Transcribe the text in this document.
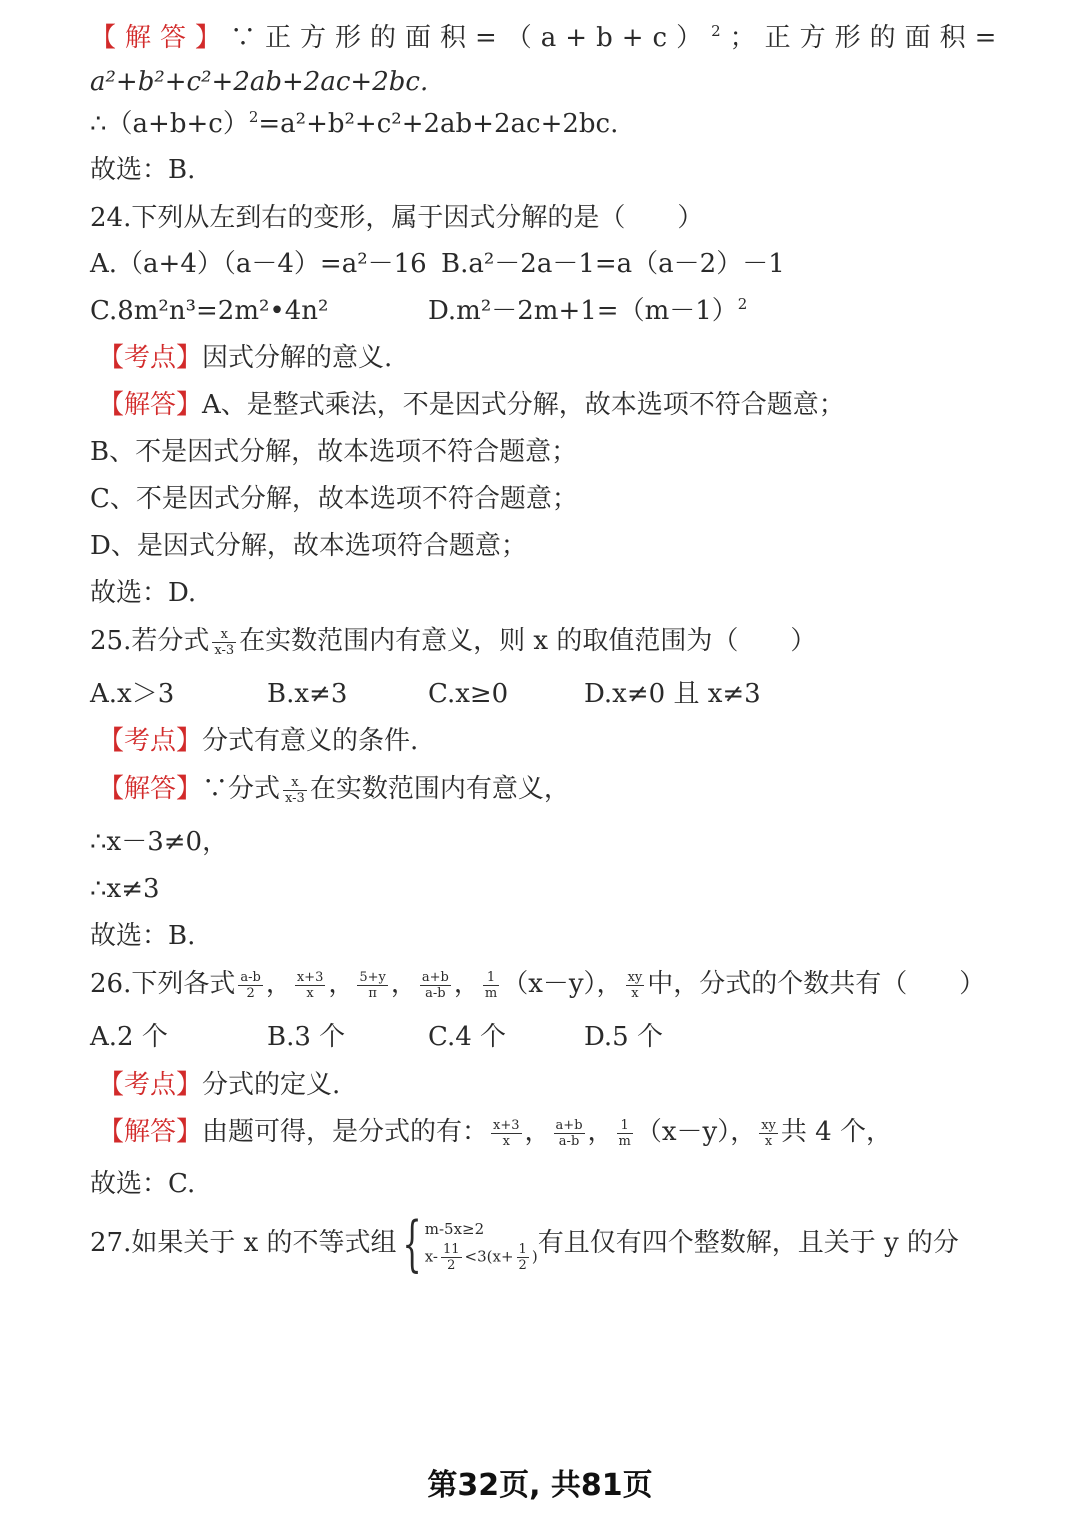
【解答】∵正方形的面积$=(a+b+c)^2$；正方形的面积=
a²+b²+c²+2ab+2ac+2bc.
$\therefore(a+b+c)^2=a^2+b^2+c^2+2ab+2ac+2bc$.
故选：B.
24.下列从左到右的变形，属于因式分解的是（　　）
A.（a+4）（a－4）=a²－16 B.a²－2a－1=a（a－2）－1
C.8m²n³=2m²•4n²	$D.m^2-2m+1=(m-1)^2$
【考点】因式分解的意义.
【解答】A、是整式乘法，不是因式分解，故本选项不符合题意；
B、不是因式分解，故本选项不符合题意；
C、不是因式分解，故本选项不符合题意；
D、是因式分解，故本选项符合题意；
故选：D.
25.若分式 $\frac{x}{x-3}$ 在实数范围内有意义，则 x 的取值范围为（　　）
A.x＞3	B.x≠3	C.x≥0	D.x≠0 且 x≠3
【考点】分式有意义的条件.
【解答】∵分式 $\frac{x}{x-3}$ 在实数范围内有意义，
∴x－3≠0，
∴x≠3
故选：B.
26.下列各式 $\frac{a-b}{2}$ ， $\frac{x+3}{x}$ ， $\frac{5+y}{\pi}$ ， $\frac{a+b}{a-b}$ ， $\frac{1}{m} (x-y)$， $\frac{xy}{x}$ 中，分式的个数共有（　　）
A.2 个	B.3 个	C.4 个	D.5 个
【考点】分式的定义.
【解答】由题可得，是分式的有： $\frac{x+3}{x}$ ， $\frac{a+b}{a-b}$ ， $\frac{1}{m} (x-y)$， $\frac{xy}{x}$ 共 4 个，
故选：C.
27.如果关于 x 的不等式组{ m-5x≥2
$x- \frac{11}{2} <3(x+ \frac{1}{2}$ ) 有且仅有四个整数解，且关于 y 的分
第32页, 共81页
